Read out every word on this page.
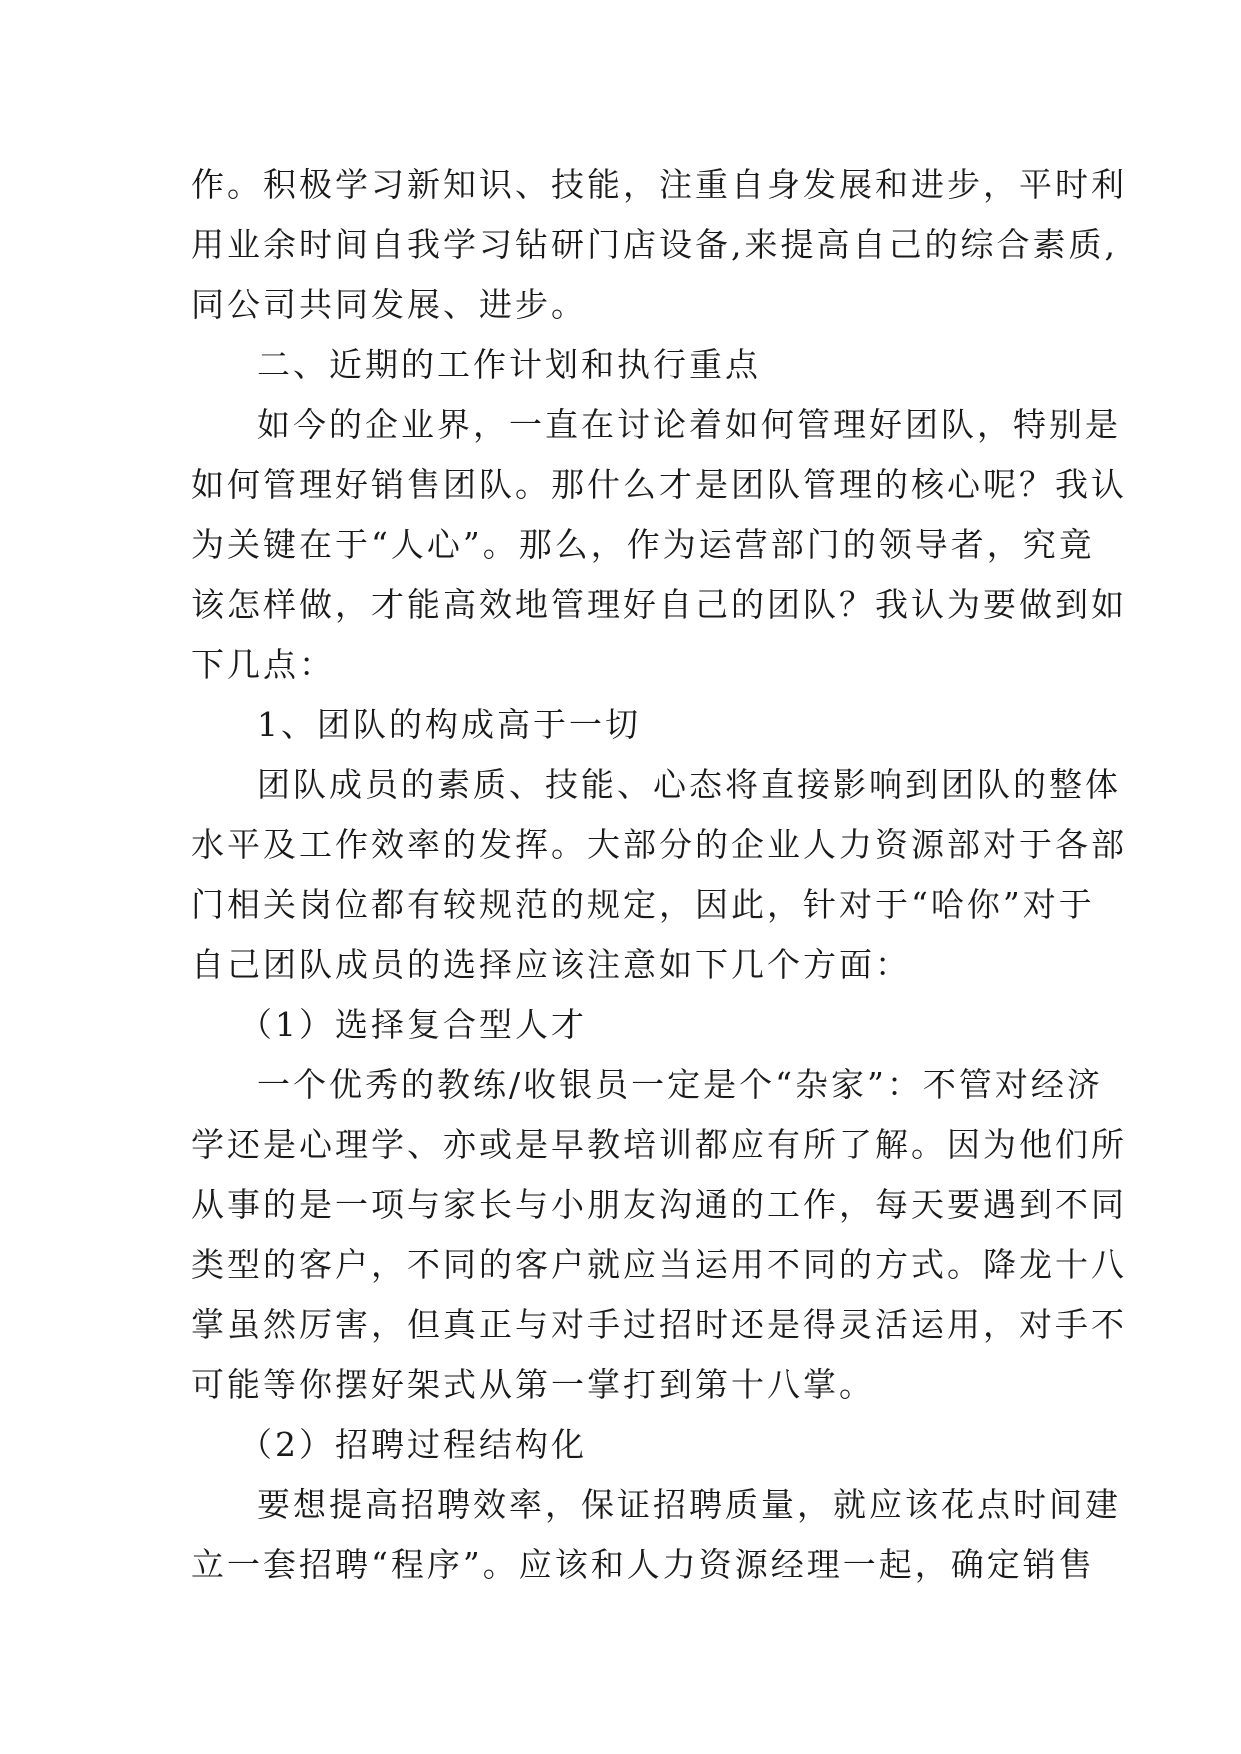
作。积极学习新知识、技能，注重自身发展和进步，平时利
用业余时间自我学习钻研门店设备,来提高自己的综合素质,
同公司共同发展、进步。
二、近期的工作计划和执行重点
如今的企业界，一直在讨论着如何管理好团队，特别是
如何管理好销售团队。那什么才是团队管理的核心呢？我认
为关键在于“人心”。那么，作为运营部门的领导者，究竟
该怎样做，才能高效地管理好自己的团队？我认为要做到如
下几点：
1、团队的构成高于一切
团队成员的素质、技能、心态将直接影响到团队的整体
水平及工作效率的发挥。大部分的企业人力资源部对于各部
门相关岗位都有较规范的规定，因此，针对于“哈你”对于
自己团队成员的选择应该注意如下几个方面：
（1）选择复合型人才
一个优秀的教练/收银员一定是个“杂家”：不管对经济
学还是心理学、亦或是早教培训都应有所了解。因为他们所
从事的是一项与家长与小朋友沟通的工作，每天要遇到不同
类型的客户，不同的客户就应当运用不同的方式。降龙十八
掌虽然厉害，但真正与对手过招时还是得灵活运用，对手不
可能等你摆好架式从第一掌打到第十八掌。
（2）招聘过程结构化
要想提高招聘效率，保证招聘质量，就应该花点时间建
立一套招聘“程序”。应该和人力资源经理一起，确定销售
